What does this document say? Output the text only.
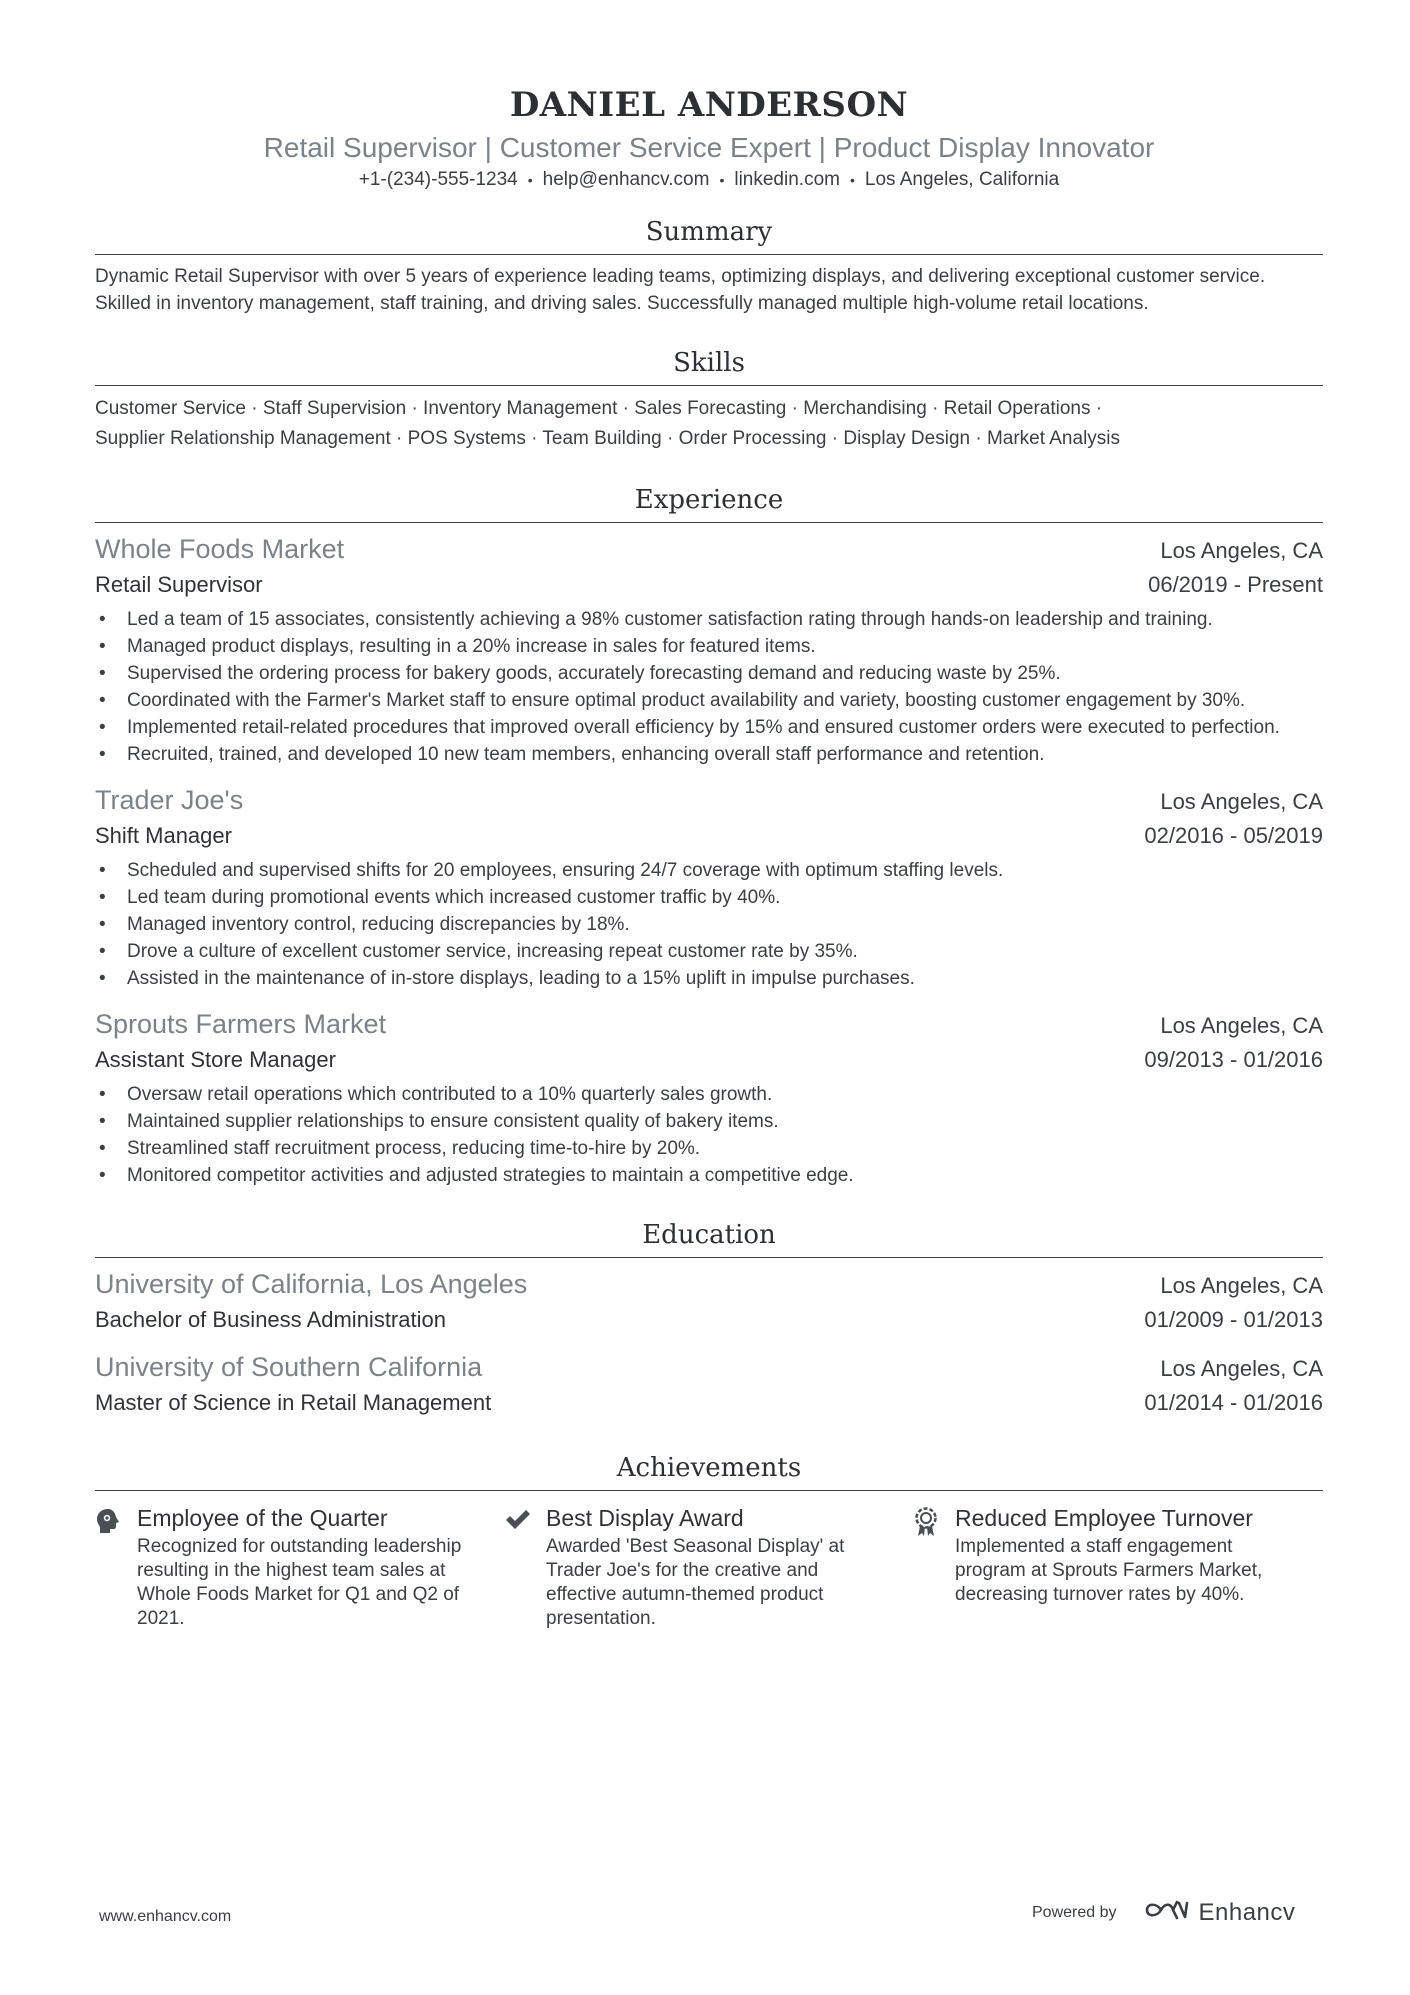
DANIEL ANDERSON
Retail Supervisor | Customer Service Expert | Product Display Innovator
+1-(234)-555-1234 • help@enhancv.com • linkedin.com • Los Angeles, California
Summary
Dynamic Retail Supervisor with over 5 years of experience leading teams, optimizing displays, and delivering exceptional customer service. Skilled in inventory management, staff training, and driving sales. Successfully managed multiple high-volume retail locations.
Skills
Customer Service · Staff Supervision · Inventory Management · Sales Forecasting · Merchandising · Retail Operations ·
Supplier Relationship Management · POS Systems · Team Building · Order Processing · Display Design · Market Analysis
Experience
Whole Foods Market	Los Angeles, CA
Retail Supervisor	06/2019 - Present
• Led a team of 15 associates, consistently achieving a 98% customer satisfaction rating through hands-on leadership and training.
• Managed product displays, resulting in a 20% increase in sales for featured items.
• Supervised the ordering process for bakery goods, accurately forecasting demand and reducing waste by 25%.
• Coordinated with the Farmer's Market staff to ensure optimal product availability and variety, boosting customer engagement by 30%.
• Implemented retail-related procedures that improved overall efficiency by 15% and ensured customer orders were executed to perfection.
• Recruited, trained, and developed 10 new team members, enhancing overall staff performance and retention.
Trader Joe's	Los Angeles, CA
Shift Manager	02/2016 - 05/2019
• Scheduled and supervised shifts for 20 employees, ensuring 24/7 coverage with optimum staffing levels.
• Led team during promotional events which increased customer traffic by 40%.
• Managed inventory control, reducing discrepancies by 18%.
• Drove a culture of excellent customer service, increasing repeat customer rate by 35%.
• Assisted in the maintenance of in-store displays, leading to a 15% uplift in impulse purchases.
Sprouts Farmers Market	Los Angeles, CA
Assistant Store Manager	09/2013 - 01/2016
• Oversaw retail operations which contributed to a 10% quarterly sales growth.
• Maintained supplier relationships to ensure consistent quality of bakery items.
• Streamlined staff recruitment process, reducing time-to-hire by 20%.
• Monitored competitor activities and adjusted strategies to maintain a competitive edge.
Education
University of California, Los Angeles	Los Angeles, CA
Bachelor of Business Administration	01/2009 - 01/2013
University of Southern California	Los Angeles, CA
Master of Science in Retail Management	01/2014 - 01/2016
Achievements
Employee of the Quarter
Recognized for outstanding leadership resulting in the highest team sales at Whole Foods Market for Q1 and Q2 of 2021.
Best Display Award
Awarded 'Best Seasonal Display' at Trader Joe's for the creative and effective autumn-themed product presentation.
Reduced Employee Turnover
Implemented a staff engagement program at Sprouts Farmers Market, decreasing turnover rates by 40%.
www.enhancv.com	Powered by	Enhancv
